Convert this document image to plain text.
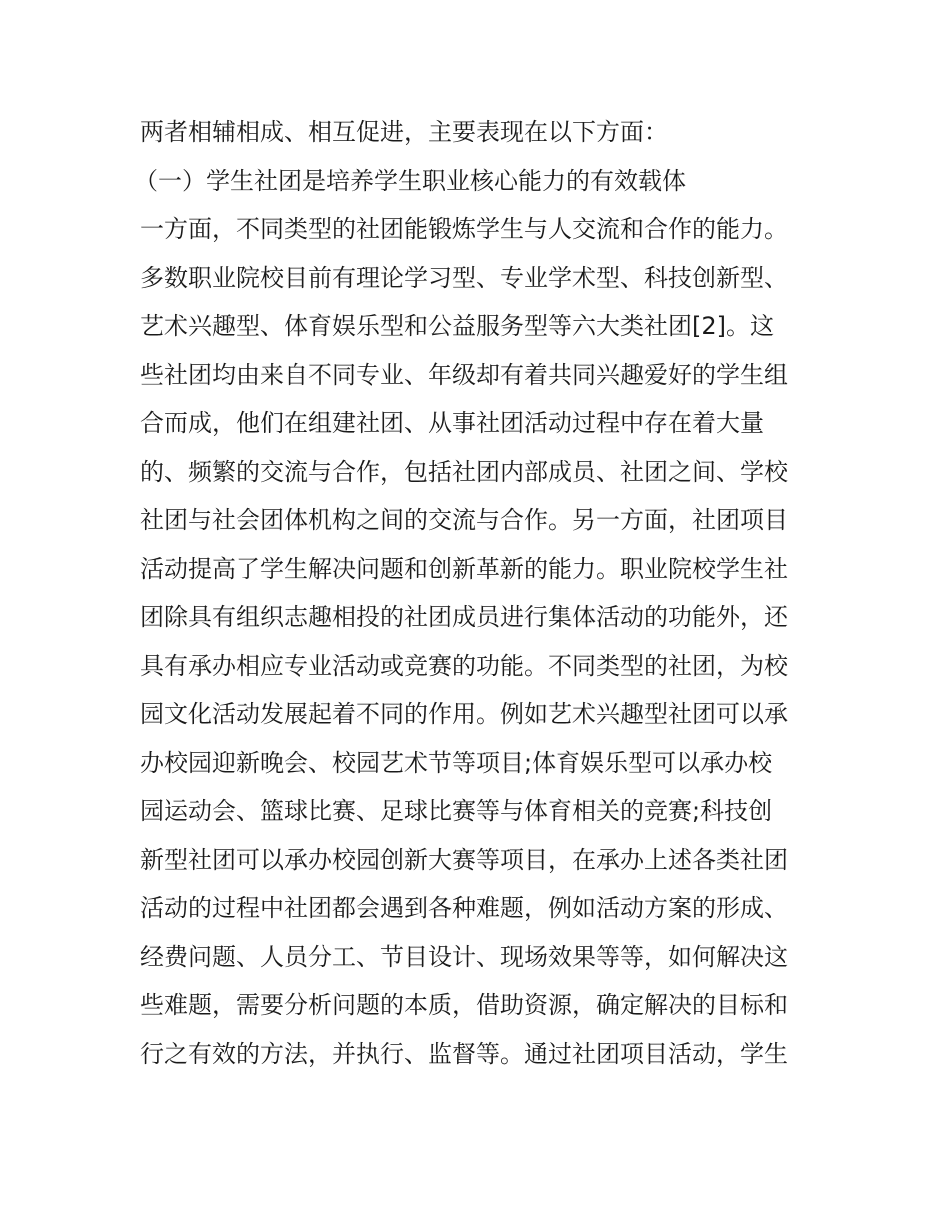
两者相辅相成、相互促进，主要表现在以下方面：
（一）学生社团是培养学生职业核心能力的有效载体
一方面，不同类型的社团能锻炼学生与人交流和合作的能力。
多数职业院校目前有理论学习型、专业学术型、科技创新型、
艺术兴趣型、体育娱乐型和公益服务型等六大类社团[2]。这
些社团均由来自不同专业、年级却有着共同兴趣爱好的学生组
合而成，他们在组建社团、从事社团活动过程中存在着大量
的、频繁的交流与合作，包括社团内部成员、社团之间、学校
社团与社会团体机构之间的交流与合作。另一方面，社团项目
活动提高了学生解决问题和创新革新的能力。职业院校学生社
团除具有组织志趣相投的社团成员进行集体活动的功能外，还
具有承办相应专业活动或竞赛的功能。不同类型的社团，为校
园文化活动发展起着不同的作用。例如艺术兴趣型社团可以承
办校园迎新晚会、校园艺术节等项目;体育娱乐型可以承办校
园运动会、篮球比赛、足球比赛等与体育相关的竞赛;科技创
新型社团可以承办校园创新大赛等项目，在承办上述各类社团
活动的过程中社团都会遇到各种难题，例如活动方案的形成、
经费问题、人员分工、节目设计、现场效果等等，如何解决这
些难题，需要分析问题的本质，借助资源，确定解决的目标和
行之有效的方法，并执行、监督等。通过社团项目活动，学生
